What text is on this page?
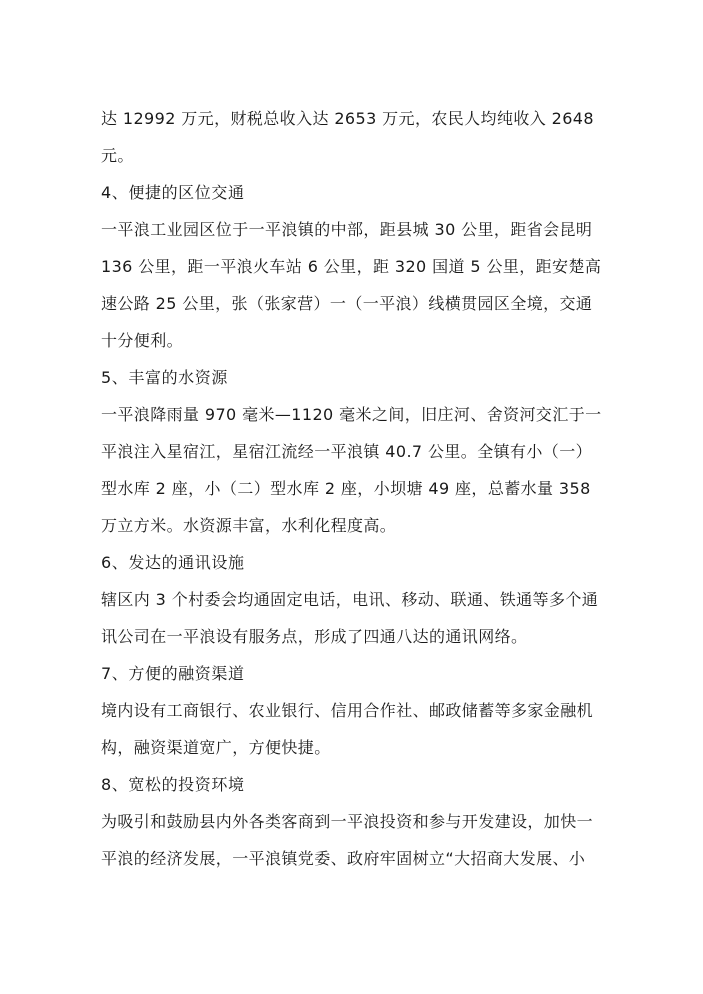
达 12992 万元，财税总收入达 2653 万元，农民人均纯收入 2648
元。
4、便捷的区位交通
一平浪工业园区位于一平浪镇的中部，距县城 30 公里，距省会昆明
136 公里，距一平浪火车站 6 公里，距 320 国道 5 公里，距安楚高
速公路 25 公里，张（张家营）一（一平浪）线横贯园区全境，交通
十分便利。
5、丰富的水资源
一平浪降雨量 970 毫米—1120 毫米之间，旧庄河、舍资河交汇于一
平浪注入星宿江，星宿江流经一平浪镇 40.7 公里。全镇有小（一）
型水库 2 座，小（二）型水库 2 座，小坝塘 49 座，总蓄水量 358
万立方米。水资源丰富，水利化程度高。
6、发达的通讯设施
辖区内 3 个村委会均通固定电话，电讯、移动、联通、铁通等多个通
讯公司在一平浪设有服务点，形成了四通八达的通讯网络。
7、方便的融资渠道
境内设有工商银行、农业银行、信用合作社、邮政储蓄等多家金融机
构，融资渠道宽广，方便快捷。
8、宽松的投资环境
为吸引和鼓励县内外各类客商到一平浪投资和参与开发建设，加快一
平浪的经济发展，一平浪镇党委、政府牢固树立“大招商大发展、小
